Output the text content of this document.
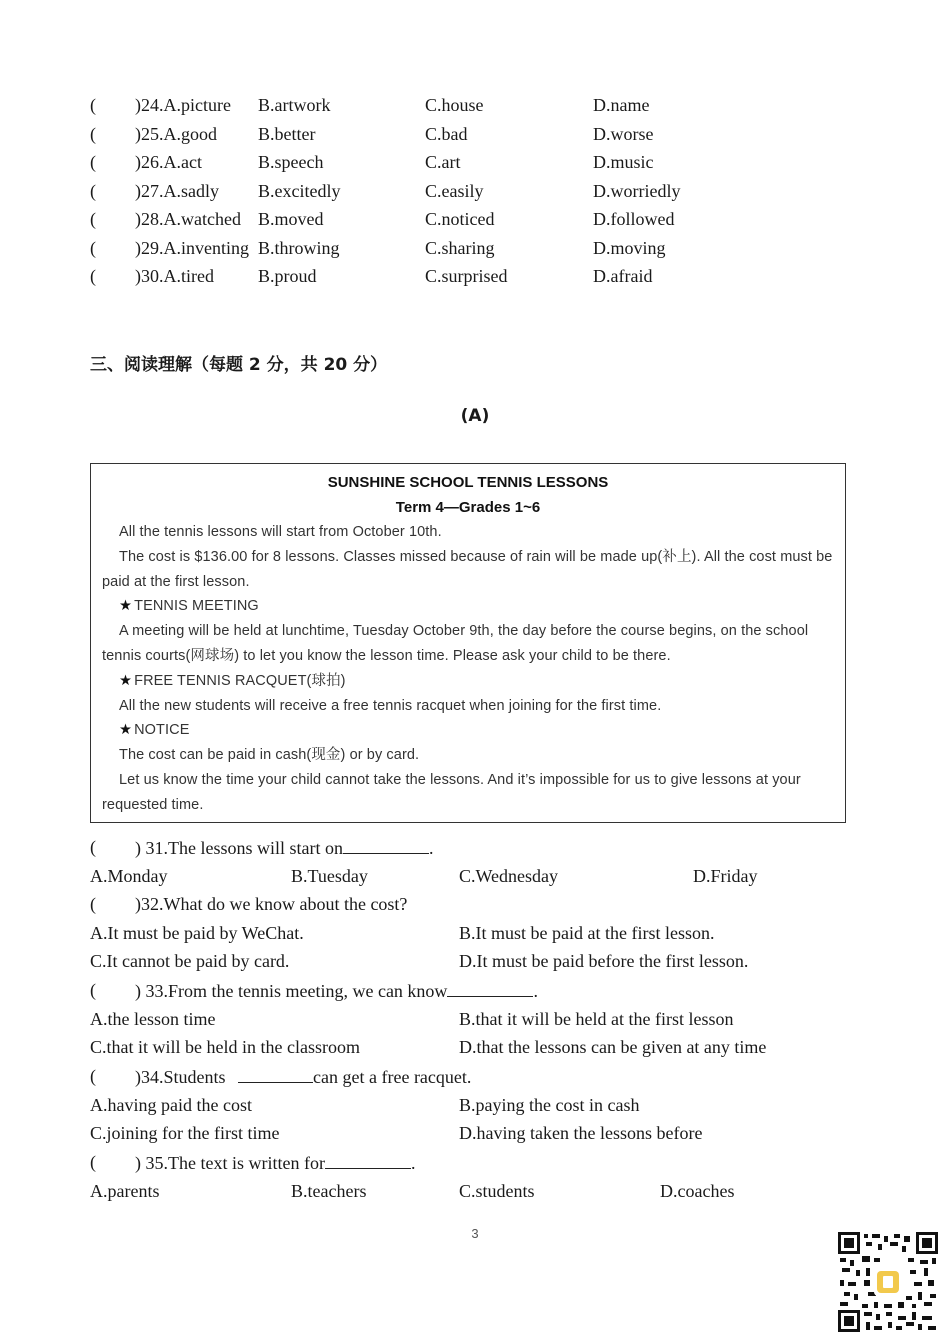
( )24.A.picture B.artwork	C.house	D.name
( )25.A.good B.better	C.bad	D.worse
( )26.A.act	B.speech	C.art	D.music
( )27.A.sadly B.excitedly	C.easily	D.worriedly
( )28.A.watched B.moved	C.noticed	D.followed
( )29.A.inventing B.throwing	C.sharing	D.moving
( )30.A.tired B.proud	C.surprised	D.afraid
三、阅读理解（每题 2 分，共 20 分）
(A)
SUNSHINE SCHOOL TENNIS LESSONS
Term 4—Grades 1~6

All the tennis lessons will start from October 10th.

The cost is $136.00 for 8 lessons. Classes missed because of rain will be made up(补上). All the cost must be paid at the first lesson.

★ TENNIS MEETING

A meeting will be held at lunchtime, Tuesday October 9th, the day before the course begins, on the school tennis courts(网球场) to let you know the lesson time. Please ask your child to be there.

★ FREE TENNIS RACQUET(球拍)

All the new students will receive a free tennis racquet when joining for the first time.

★ NOTICE

The cost can be paid in cash(现金) or by card.

Let us know the time your child cannot take the lessons. And it’s impossible for us to give lessons at your requested time.

( ) 31.The lessons will start on	.
A.Monday	B.Tuesday	C.Wednesday	D.Friday
( )32.What do we know about the cost?
A.It must be paid by WeChat.	B.It must be paid at the first lesson.
C.It cannot be paid by card.	D.It must be paid before the first lesson.
( ) 33.From the tennis meeting, we can know	.
A.the lesson time	B.that it will be held at the first lesson
C.that it will be held in the classroom	D.that the lessons can be given at any time
( )34.Students	can get a free racquet.
A.having paid the cost	B.paying the cost in cash
C.joining for the first time	D.having taken the lessons before
( ) 35.The text is written for	.
A.parents	B.teachers	C.students	D.coaches
3
